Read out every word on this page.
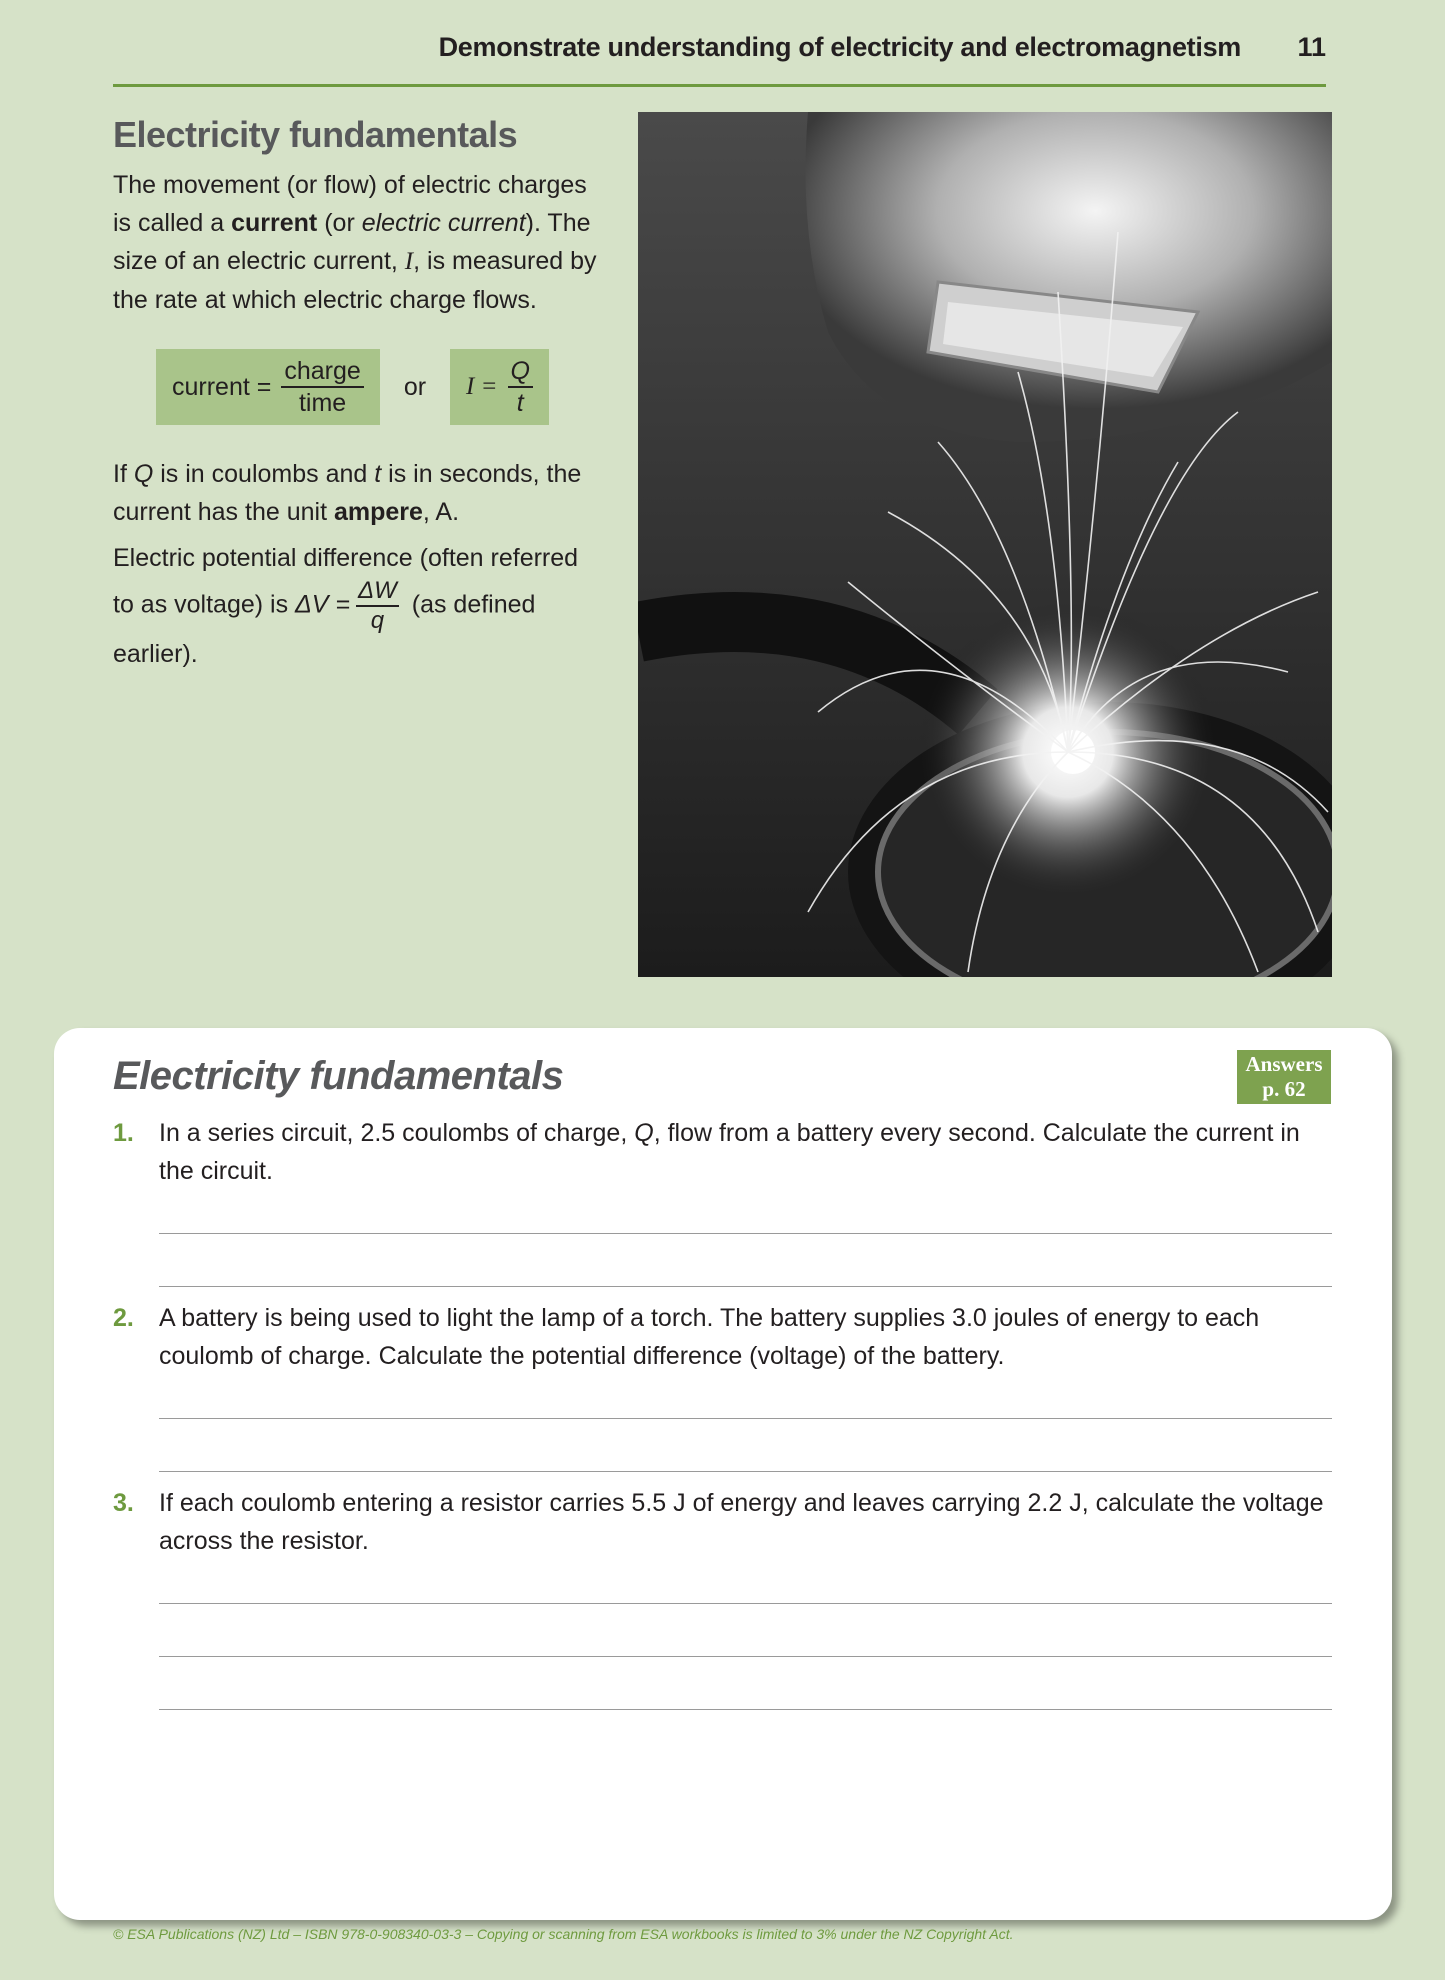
Demonstrate understanding of electricity and electromagnetism 11
Electricity fundamentals

The movement (or flow) of electric charges is called a current (or electric current). The size of an electric current, I, is measured by the rate at which electric charge flows.

current = $\frac{\text{charge}}{\text{time}}$ or $I = \frac{Q}{t}$

If Q is in coulombs and t is in seconds, the current has the unit ampere, A.

Electric potential difference (often referred to as voltage) is $\Delta V = \frac{\Delta W}{q} (as$ defined earlier).

Electricity fundamentals	Answers
p. 62
1. In a series circuit, 2.5 coulombs of charge, Q, flow from a battery every second. Calculate the current in the circuit.
2. A battery is being used to light the lamp of a torch. The battery supplies 3.0 joules of energy to each coulomb of charge. Calculate the potential difference (voltage) of the battery.
3. If each coulomb entering a resistor carries 5.5 J of energy and leaves carrying 2.2 J, calculate the voltage across the resistor.
© ESA Publications (NZ) Ltd – ISBN 978-0-908340-03-3 – Copying or scanning from ESA workbooks is limited to 3% under the NZ Copyright Act.
